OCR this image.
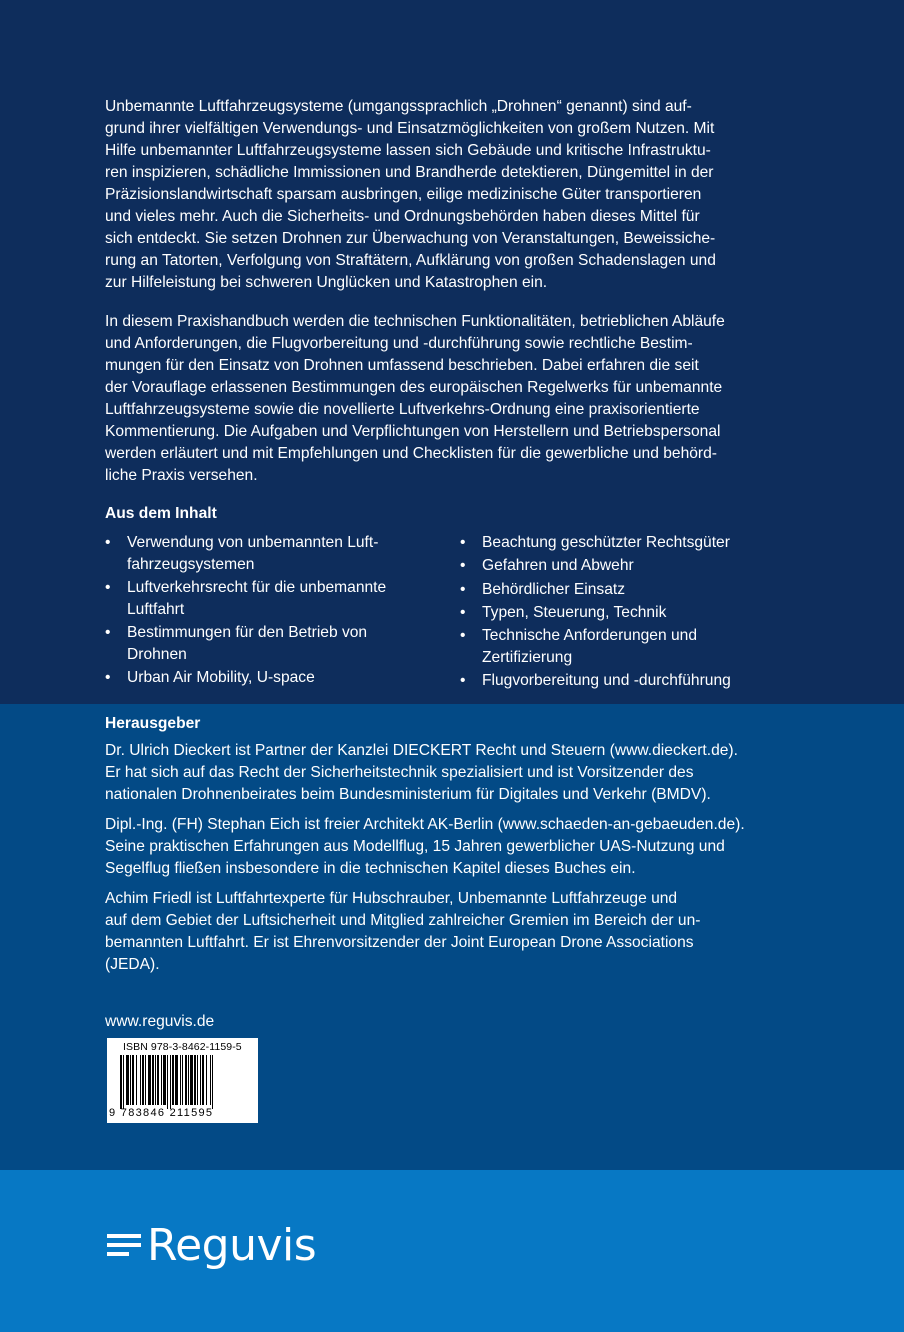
Unbemannte Luftfahrzeugsysteme (umgangssprachlich „Drohnen“ genannt) sind auf-
grund ihrer vielfältigen Verwendungs- und Einsatzmöglichkeiten von großem Nutzen. Mit
Hilfe unbemannter Luftfahrzeugsysteme lassen sich Gebäude und kritische Infrastruktu-
ren inspizieren, schädliche Immissionen und Brandherde detektieren, Düngemittel in der
Präzisionslandwirtschaft sparsam ausbringen, eilige medizinische Güter transportieren
und vieles mehr. Auch die Sicherheits- und Ordnungsbehörden haben dieses Mittel für
sich entdeckt. Sie setzen Drohnen zur Überwachung von Veranstaltungen, Beweissiche-
rung an Tatorten, Verfolgung von Straftätern, Aufklärung von großen Schadenslagen und
zur Hilfeleistung bei schweren Unglücken und Katastrophen ein.

In diesem Praxishandbuch werden die technischen Funktionalitäten, betrieblichen Abläufe
und Anforderungen, die Flugvorbereitung und -durchführung sowie rechtliche Bestim-
mungen für den Einsatz von Drohnen umfassend beschrieben. Dabei erfahren die seit
der Vorauflage erlassenen Bestimmungen des europäischen Regelwerks für unbemannte
Luftfahrzeugsysteme sowie die novellierte Luftverkehrs-Ordnung eine praxisorientierte
Kommentierung. Die Aufgaben und Verpflichtungen von Herstellern und Betriebspersonal
werden erläutert und mit Empfehlungen und Checklisten für die gewerbliche und behörd-
liche Praxis versehen.

Aus dem Inhalt

• Verwendung von unbemannten Luft-
fahrzeugsystemen
• Luftverkehrsrecht für die unbemannte
Luftfahrt
• Bestimmungen für den Betrieb von
Drohnen
• Urban Air Mobility, U-space
• Beachtung geschützter Rechtsgüter
• Gefahren und Abwehr
• Behördlicher Einsatz
• Typen, Steuerung, Technik
• Technische Anforderungen und
Zertifizierung
• Flugvorbereitung und -durchführung

Herausgeber

Dr. Ulrich Dieckert ist Partner der Kanzlei DIECKERT Recht und Steuern (www.dieckert.de).
Er hat sich auf das Recht der Sicherheitstechnik spezialisiert und ist Vorsitzender des
nationalen Drohnenbeirates beim Bundesministerium für Digitales und Verkehr (BMDV).

Dipl.-Ing. (FH) Stephan Eich ist freier Architekt AK-Berlin (www.schaeden-an-gebaeuden.de).
Seine praktischen Erfahrungen aus Modellflug, 15 Jahren gewerblicher UAS-Nutzung und
Segelflug fließen insbesondere in die technischen Kapitel dieses Buches ein.

Achim Friedl ist Luftfahrtexperte für Hubschrauber, Unbemannte Luftfahrzeuge und
auf dem Gebiet der Luftsicherheit und Mitglied zahlreicher Gremien im Bereich der un-
bemannten Luftfahrt. Er ist Ehrenvorsitzender der Joint European Drone Associations
(JEDA).

www.reguvis.de
ISBN 978-3-8462-1159-5
9 783846 211595
Reguvis
